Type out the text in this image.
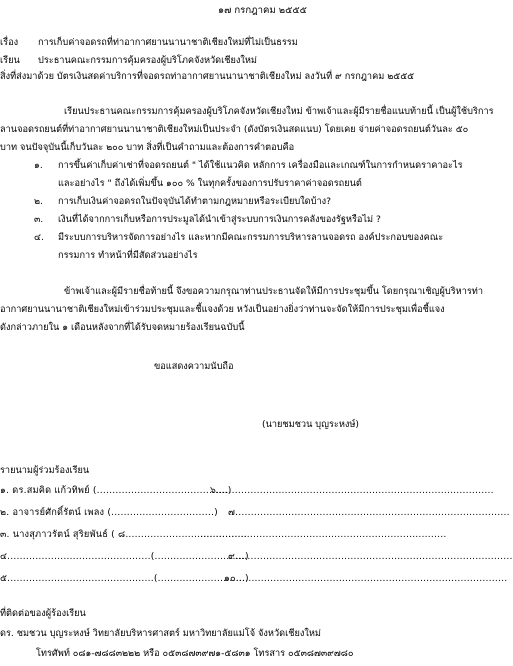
๑๗ กรกฎาคม ๒๕๕๕
เรื่อง การเก็บค่าจอดรถที่ท่าอากาศยานนานาชาติเชียงใหม่ที่ไม่เป็นธรรม
เรียน ประธานคณะกรรมการคุ้มครองผู้บริโภคจังหวัดเชียงใหม่
สิ่งที่ส่งมาด้วย บัตรเงินสดค่าบริการที่จอดรถท่าอากาศยานนานาชาติเชียงใหม่ ลงวันที่ ๙ กรกฎาคม ๒๕๕๕
เรียนประธานคณะกรรมการคุ้มครองผู้บริโภคจังหวัดเชียงใหม่ ข้าพเจ้าและผู้มีรายชื่อแนบท้ายนี้ เป็นผู้ใช้บริการ
ลานจอดรถยนต์ที่ท่าอากาศยานนานาชาติเชียงใหม่เป็นประจำ (ดังบัตรเงินสดแนบ) โดยเคย จ่ายค่าจอดรถยนต์วันละ ๕๐
บาท จนปัจจุบันนี้เก็บวันละ ๒๐๐ บาท สิ่งที่เป็นคำถามและต้องการคำตอบคือ
๑. การขึ้นค่าเก็บค่าเช่าที่จอดรถยนต์ " ได้ใช้แนวคิด หลักการ เครื่องมือและเกณฑ์ในการกำหนดราคาอะไร
และอย่างไร " ถึงได้เพิ่มขึ้น ๑๐๐ % ในทุกครั้งของการปรับราคาค่าจอดรถยนต์
๒. การเก็บเงินค่าจอดรถในปัจจุบันได้ทำตามกฎหมายหรือระเบียบใดบ้าง?
๓. เงินที่ได้จากการเก็บหรือการประมูลได้นำเข้าสู่ระบบการเงินการคลังของรัฐหรือไม่ ?
๔. มีระบบการบริหารจัดการอย่างไร และหากมีคณะกรรมการบริหารลานจอดรถ องค์ประกอบของคณะ
กรรมการ ทำหน้าที่มีสัดส่วนอย่างไร
ข้าพเจ้าและผู้มีรายชื่อท้ายนี้ จึงขอความกรุณาท่านประธานจัดให้มีการประชุมขึ้น โดยกรุณาเชิญผู้บริหารท่า
อากาศยานนานาชาติเชียงใหม่เข้าร่วมประชุมและชี้แจงด้วย หวังเป็นอย่างยิ่งว่าท่านจะจัดให้มีการประชุมเพื่อชี้แจง
ดังกล่าวภายใน ๑ เดือนหลังจากที่ได้รับจดหมายร้องเรียนฉบับนี้
ขอแสดงความนับถือ
(นายชมชวน บุญระหงษ์)
รายนามผู้ร่วมร้องเรียน
๑. ดร.สมคิด แก้วทิพย์ (..........................................)
๖.........................................................................................
๒. อาจารย์ศักดิ์รัตน์ เพลง (.................................) ๗........................................................................................
๓. นางสุภาวรัตน์ สุริยพันธ์ ( ๘.......................................
...............................................................................
๔..............................................(.............................)
๙.........................................................................................
๕...............................................(............................)
๑๐.......................................................................................
ที่ติดต่อของผู้ร้องเรียน
ดร. ชมชวน บุญระหงษ์ วิทยาลัยบริหารศาสตร์ มหาวิทยาลัยแม่โจ้ จังหวัดเชียงใหม่
โทรศัพท์ ๐๘๑-๗๘๘๓๒๒๒ หรือ ๐๕๓๘๗๓๙๗๑-๕๘๓๑ โทรสาร ๐๕๓๘๗๓๙๗๘๐
